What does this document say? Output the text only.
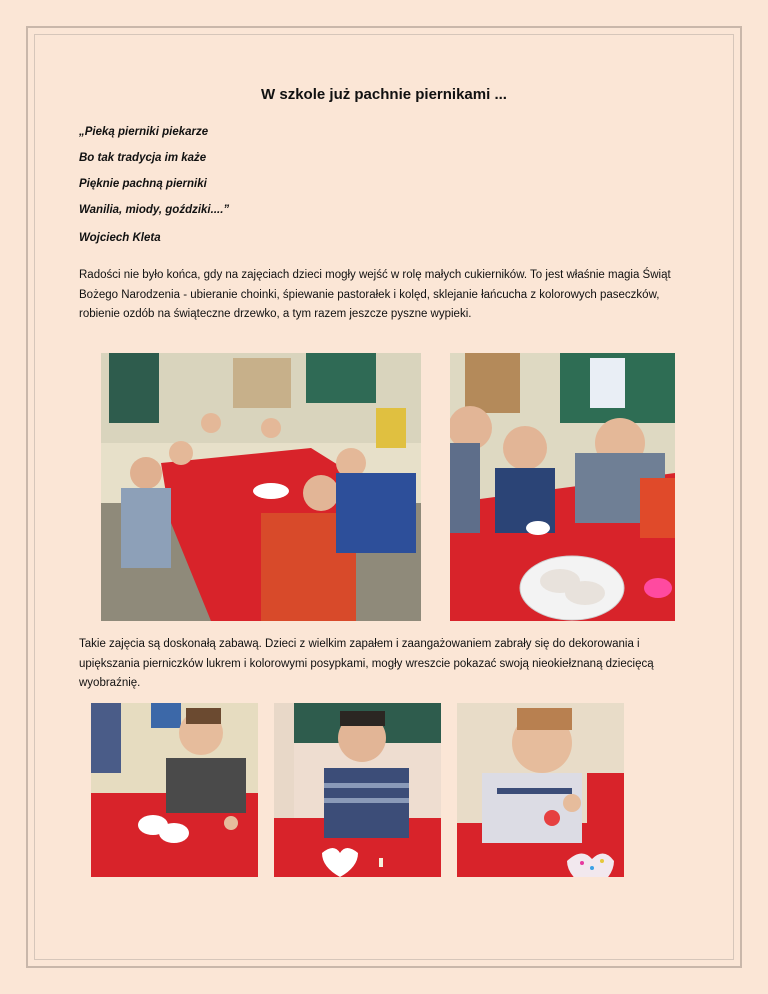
W szkole już pachnie piernikami ...
„Pieką pierniki piekarze
Bo tak tradycja im każe
Pięknie pachną pierniki
Wanilia, miody, goździki....”
Wojciech Kleta

Radości nie było końca, gdy na zajęciach dzieci mogły wejść w rolę małych cukierników. To jest właśnie magia Świąt Bożego Narodzenia - ubieranie choinki, śpiewanie pastorałek i kolęd, sklejanie łańcucha z kolorowych paseczków, robienie ozdób na świąteczne drzewko, a tym razem jeszcze pyszne wypieki.

Takie zajęcia są doskonałą zabawą. Dzieci z wielkim zapałem i zaangażowaniem zabrały się do dekorowania i upiększania pierniczków lukrem i kolorowymi posypkami, mogły wreszcie pokazać swoją nieokiełznaną dziecięcą wyobraźnię.
